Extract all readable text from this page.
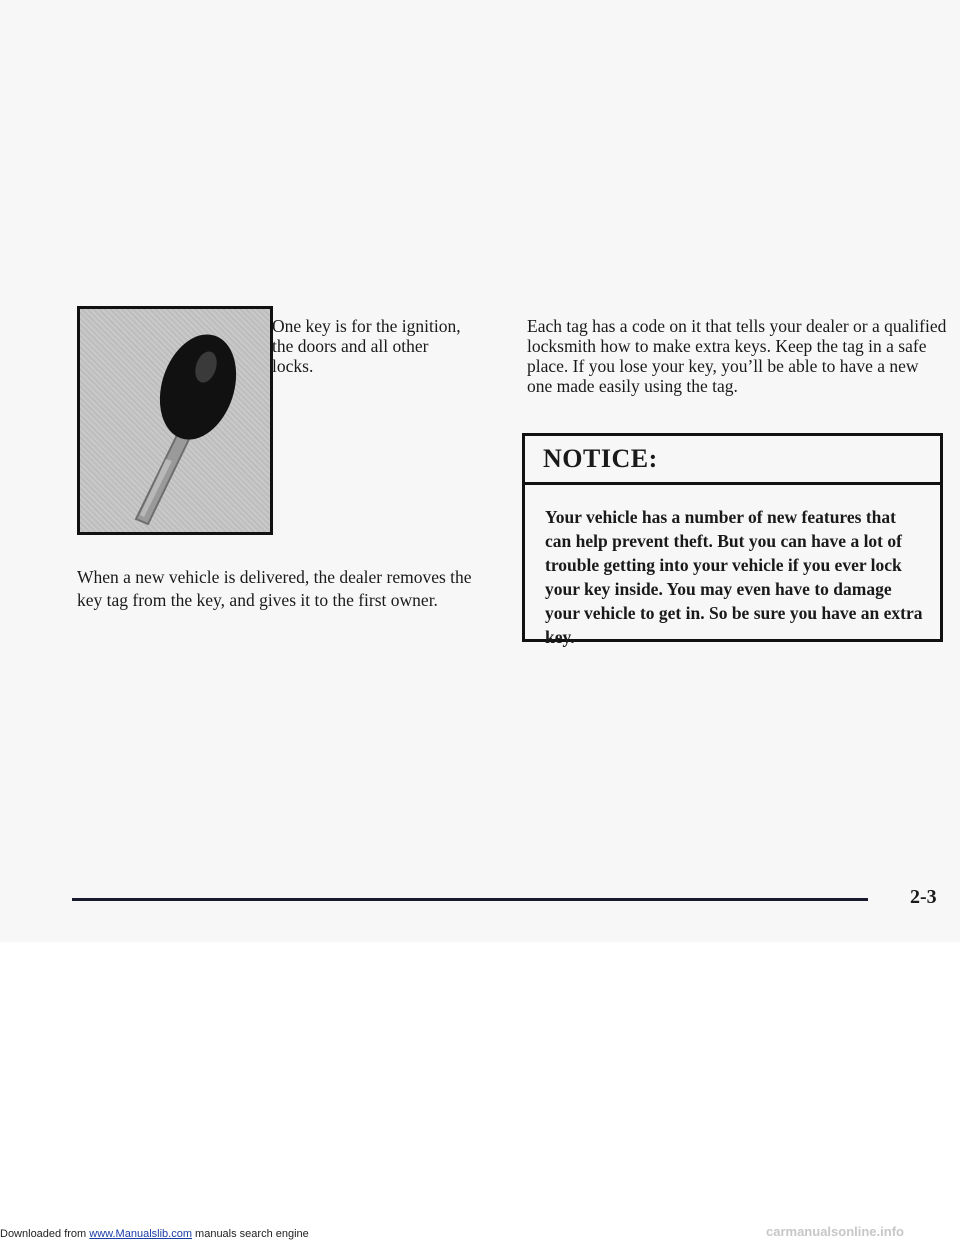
One key is for the ignition, the doors and all other locks.
When a new vehicle is delivered, the dealer removes the key tag from the key, and gives it to the first owner.
Each tag has a code on it that tells your dealer or a qualified locksmith how to make extra keys. Keep the tag in a safe place. If you lose your key, you’ll be able to have a new one made easily using the tag.
NOTICE:
Your vehicle has a number of new features that can help prevent theft. But you can have a lot of trouble getting into your vehicle if you ever lock your key inside. You may even have to damage your vehicle to get in. So be sure you have an extra key.
2-3
Downloaded from www.Manualslib.com manuals search engine	carmanualsonline.info
